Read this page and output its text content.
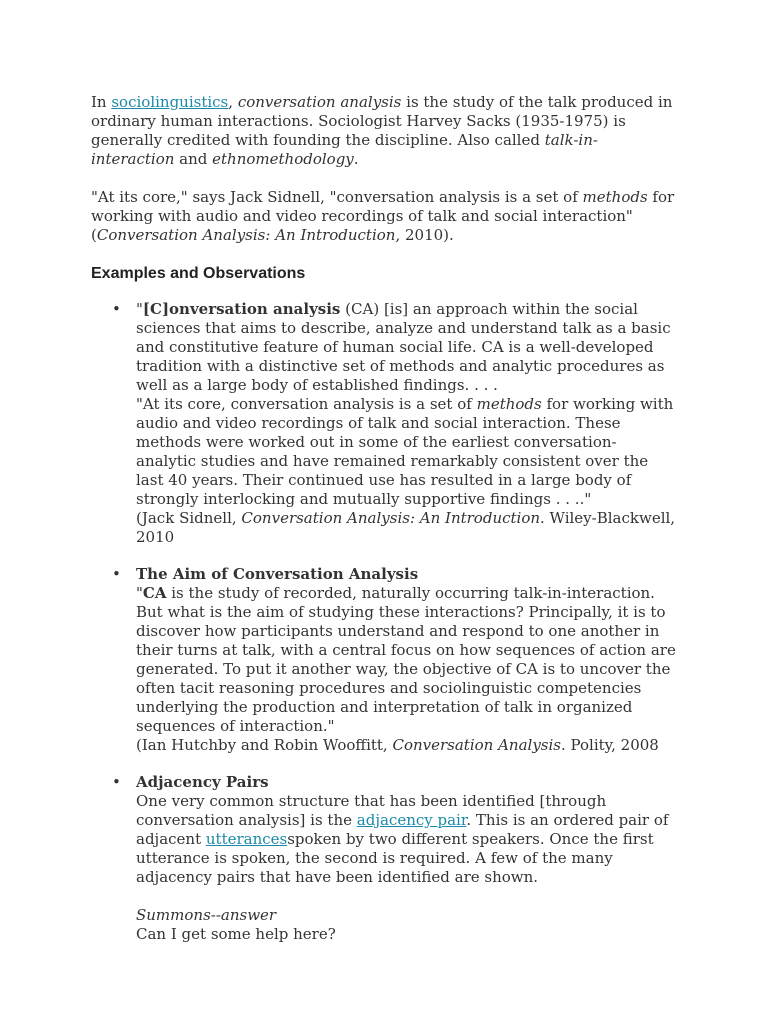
In sociolinguistics, conversation analysis is the study of the talk produced in ordinary human interactions. Sociologist Harvey Sacks (1935-1975) is generally credited with founding the discipline. Also called talk-in-interaction and ethnomethodology.

"At its core," says Jack Sidnell, "conversation analysis is a set of methods for working with audio and video recordings of talk and social interaction" (Conversation Analysis: An Introduction, 2010).

Examples and Observations
• "[C]onversation analysis (CA) [is] an approach within the social sciences that aims to describe, analyze and understand talk as a basic and constitutive feature of human social life. CA is a well-developed tradition with a distinctive set of methods and analytic procedures as well as a large body of established findings. . . .

"At its core, conversation analysis is a set of methods for working with audio and video recordings of talk and social interaction. These methods were worked out in some of the earliest conversation-analytic studies and have remained remarkably consistent over the last 40 years. Their continued use has resulted in a large body of strongly interlocking and mutually supportive findings . . .."

(Jack Sidnell, Conversation Analysis: An Introduction. Wiley-Blackwell, 2010

• The Aim of Conversation Analysis

"CA is the study of recorded, naturally occurring talk-in-interaction. But what is the aim of studying these interactions? Principally, it is to discover how participants understand and respond to one another in their turns at talk, with a central focus on how sequences of action are generated. To put it another way, the objective of CA is to uncover the often tacit reasoning procedures and sociolinguistic competencies underlying the production and interpretation of talk in organized sequences of interaction."

(Ian Hutchby and Robin Wooffitt, Conversation Analysis. Polity, 2008

• Adjacency Pairs

One very common structure that has been identified [through conversation analysis] is the adjacency pair. This is an ordered pair of adjacent utterancesspoken by two different speakers. Once the first utterance is spoken, the second is required. A few of the many adjacency pairs that have been identified are shown.

Summons--answer

Can I get some help here?
